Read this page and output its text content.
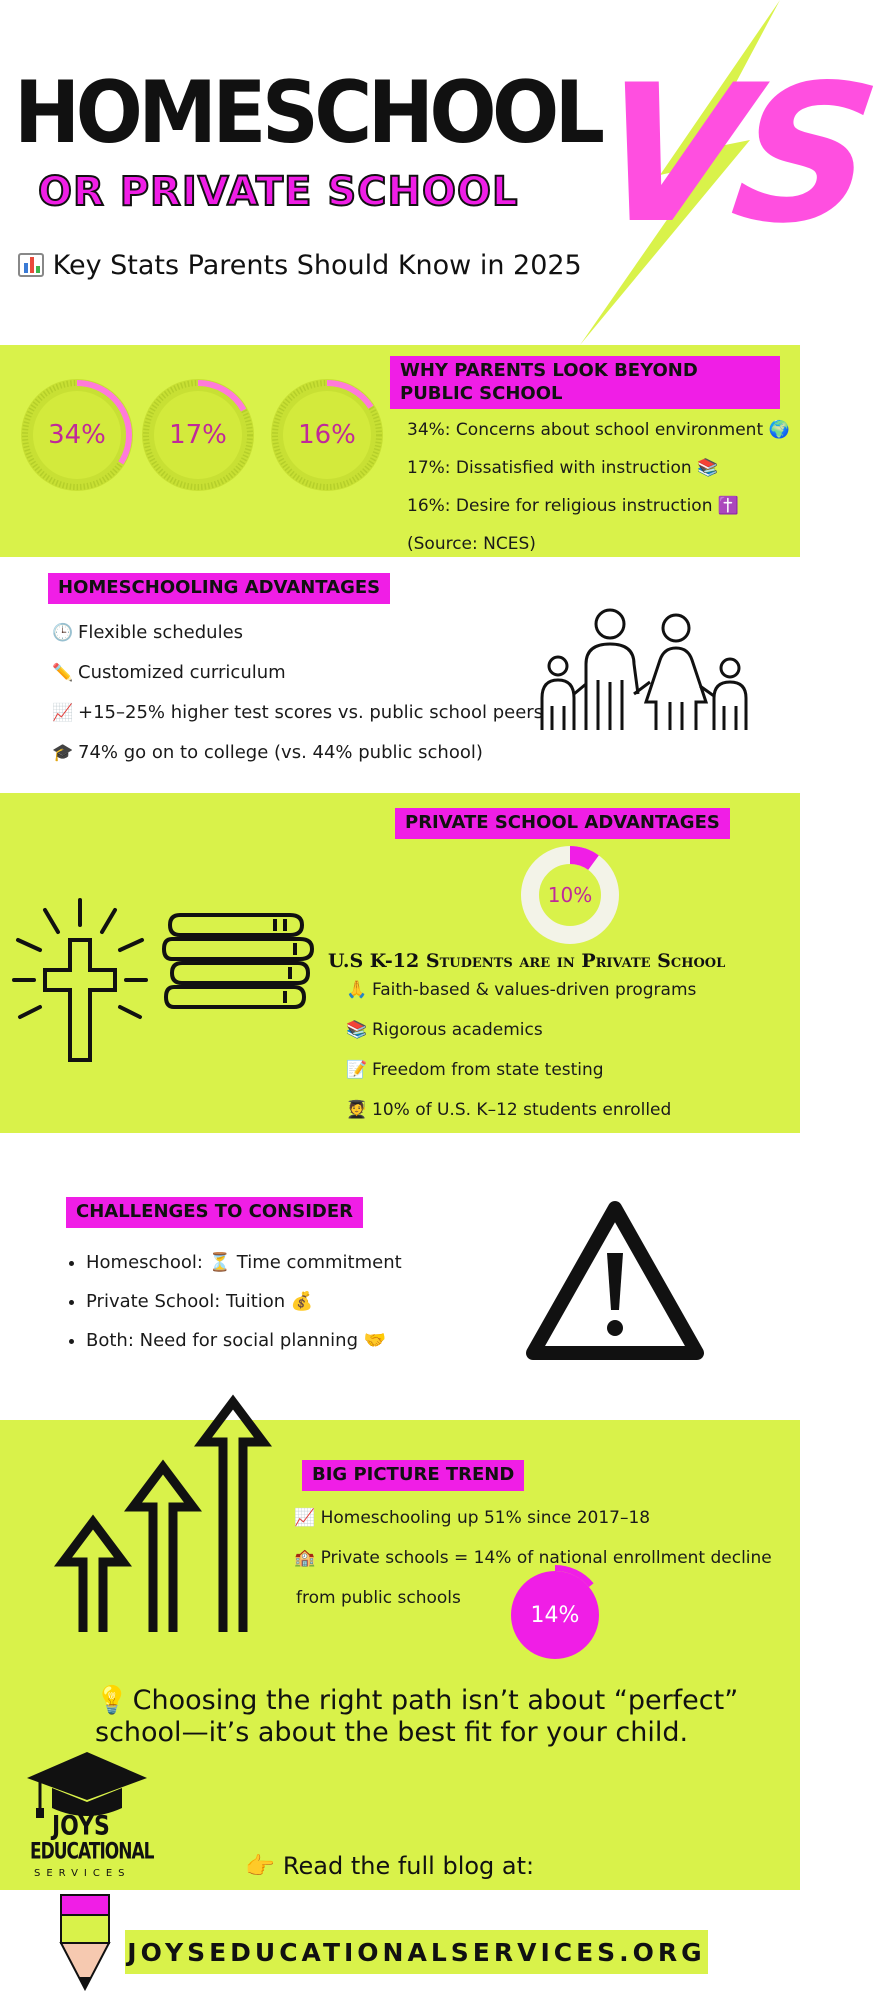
VS
HOMESCHOOL
OR PRIVATE SCHOOL
Key Stats Parents Should Know in 2025
WHY PARENTS LOOK BEYOND PUBLIC SCHOOL
34%	17%	16%	34%: Concerns about school environment 🌍
17%: Dissatisfied with instruction 📚
16%: Desire for religious instruction ✝️
(Source: NCES)
HOMESCHOOLING ADVANTAGES
🕒 Flexible schedules
✏️ Customized curriculum
📈 +15–25% higher test scores vs. public school peers
🎓 74% go on to college (vs. 44% public school)
PRIVATE SCHOOL ADVANTAGES
10%
U.S K-12 Students are in Private School
🙏 Faith-based & values-driven programs
📚 Rigorous academics
📝 Freedom from state testing
🧑‍🎓 10% of U.S. K–12 students enrolled
CHALLENGES TO CONSIDER
• Homeschool: ⏳ Time commitment
• Private School: Tuition 💰
• Both: Need for social planning 🤝
BIG PICTURE TREND
📈 Homeschooling up 51% since 2017–18
🏫 Private schools = 14% of national enrollment decline
from public schools
14%
💡 Choosing the right path isn’t about “perfect” school—it’s about the best fit for your child.
JOYS
EDUCATIONAL
SERVICES	👉 Read the full blog at:
JOYSEDUCATIONALSERVICES.ORG
